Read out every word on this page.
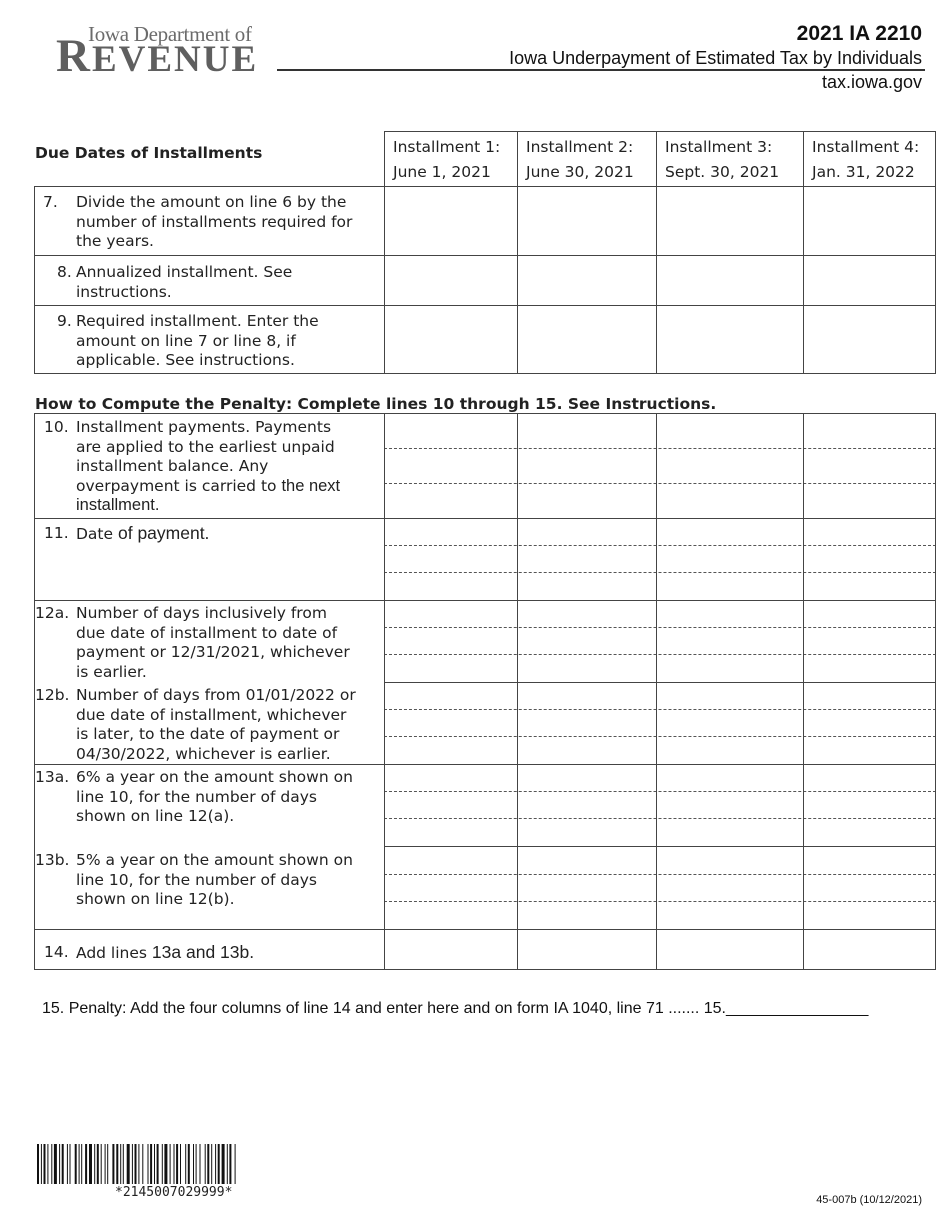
Iowa Department of
REVENUE
2021 IA 2210
Iowa Underpayment of Estimated Tax by Individuals
tax.iowa.gov
Due Dates of Installments	Installment 1:
June 1, 2021
Installment 2:
June 30, 2021
Installment 3:
Sept. 30, 2021
Installment 4:
Jan. 31, 2022
7. Divide the amount on line 6 by the
number of installments required for
the years.
8. Annualized installment. See
instructions.
9. Required installment. Enter the
amount on line 7 or line 8, if
applicable. See instructions.
How to Compute the Penalty: Complete lines 10 through 15. See Instructions.
10. Installment payments. Payments
are applied to the earliest unpaid
installment balance. Any
overpayment is carried to the next
installment.
11. Date of payment.
12a. Number of days inclusively from
due date of installment to date of
payment or 12/31/2021, whichever
is earlier.
12b. Number of days from 01/01/2022 or
due date of installment, whichever
is later, to the date of payment or
04/30/2022, whichever is earlier.
13a. 6% a year on the amount shown on
line 10, for the number of days
shown on line 12(a).
13b. 5% a year on the amount shown on
line 10, for the number of days
shown on line 12(b).
14. Add lines 13a and 13b.
15. Penalty: Add the four columns of line 14 and enter here and on form IA 1040, line 71 ....... 15.________________
*2145007029999*	45-007b (10/12/2021)
